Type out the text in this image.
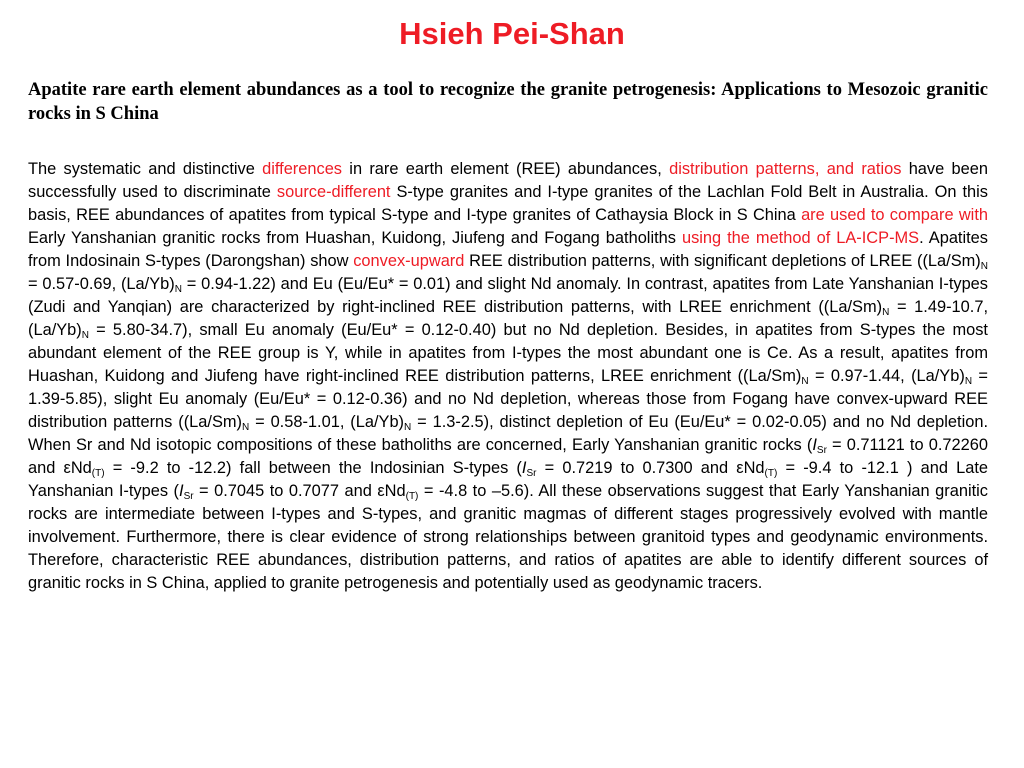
Hsieh Pei-Shan
Apatite rare earth element abundances as a tool to recognize the granite petrogenesis: Applications to Mesozoic granitic rocks in S China
The systematic and distinctive differences in rare earth element (REE) abundances, distribution patterns, and ratios have been successfully used to discriminate source-different S-type granites and I-type granites of the Lachlan Fold Belt in Australia. On this basis, REE abundances of apatites from typical S-type and I-type granites of Cathaysia Block in S China are used to compare with Early Yanshanian granitic rocks from Huashan, Kuidong, Jiufeng and Fogang batholiths using the method of LA-ICP-MS. Apatites from Indosinain S-types (Darongshan) show convex-upward REE distribution patterns, with significant depletions of LREE ($(La/Sm)_N = 0.57-0.69$, $(La/Yb)_N = 0.94-1.22$) and Eu (Eu/Eu* = 0.01) and slight Nd anomaly. In contrast, apatites from Late Yanshanian I-types (Zudi and Yanqian) are characterized by right-inclined REE distribution patterns, with LREE enrichment ($(La/Sm)_N = 1.49-10.7$, $(La/Yb)_N = 5.80-34.7$), small Eu anomaly (Eu/Eu* = 0.12-0.40) but no Nd depletion. Besides, in apatites from S-types the most abundant element of the REE group is Y, while in apatites from I-types the most abundant one is Ce. As a result, apatites from Huashan, Kuidong and Jiufeng have right-inclined REE distribution patterns, LREE enrichment ($(La/Sm)_N = 0.97-1.44$, $(La/Yb)_N = 1.39-5.85$), slight Eu anomaly (Eu/Eu* = 0.12-0.36) and no Nd depletion, whereas those from Fogang have convex-upward REE distribution patterns ($(La/Sm)_N = 0.58-1.01$, $(La/Yb)_N = 1.3-2.5$), distinct depletion of Eu (Eu/Eu* = 0.02-0.05) and no Nd depletion. When Sr and Nd isotopic compositions of these batholiths are concerned, Early Yanshanian granitic rocks ($I_{Sr} = 0.71121$ to 0.72260 and εNd$_{(T)}$ = -9.2 to -12.2) fall between the Indosinian S-types ($I_{Sr} = 0.7219$ to 0.7300 and εNd$_{(T)}$ = -9.4 to -12.1 ) and Late Yanshanian I-types ($I_{Sr} = 0.7045$ to 0.7077 and εNd$_{(T)}$ = -4.8 to –5.6). All these observations suggest that Early Yanshanian granitic rocks are intermediate between I-types and S-types, and granitic magmas of different stages progressively evolved with mantle involvement. Furthermore, there is clear evidence of strong relationships between granitoid types and geodynamic environments. Therefore, characteristic REE abundances, distribution patterns, and ratios of apatites are able to identify different sources of granitic rocks in S China, applied to granite petrogenesis and potentially used as geodynamic tracers.
